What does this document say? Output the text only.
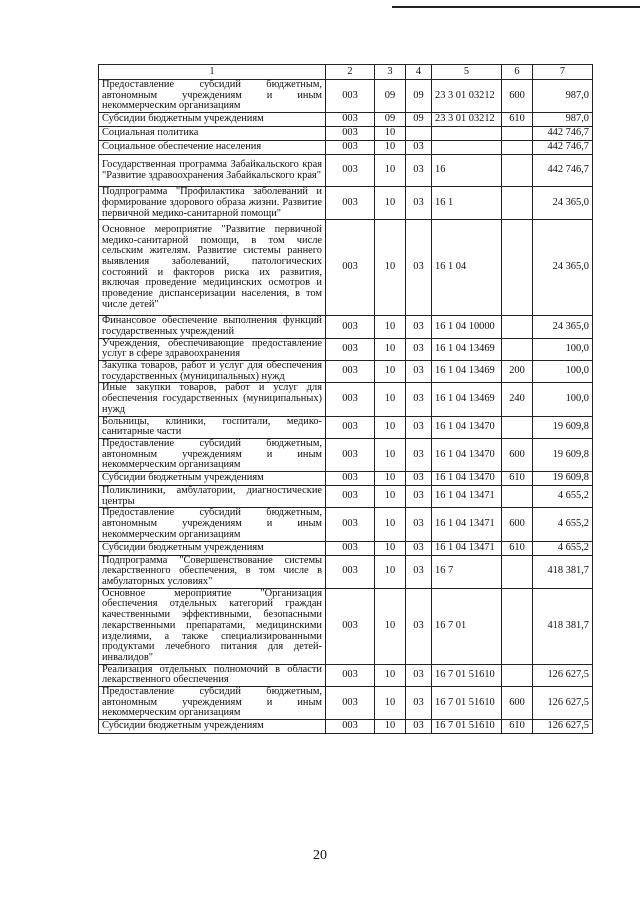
1	2	3	4	5	6	7
Предоставление субсидий бюджетным, автономным учреждениям и иным некоммерческим организациям	003	09	09	23 3 01 03212	600	987,0
Субсидии бюджетным учреждениям	003	09	09	23 3 01 03212	610	987,0
Социальная политика	003	10				442 746,7
Социальное обеспечение населения	003	10	03			442 746,7
Государственная программа Забайкальского края "Развитие здравоохранения Забайкальского края"	003	10	03	16		442 746,7
Подпрограмма "Профилактика заболеваний и формирование здорового образа жизни. Развитие первичной медико-санитарной помощи"	003	10	03	16 1		24 365,0
Основное мероприятие "Развитие первичной медико-санитарной помощи, в том числе сельским жителям. Развитие системы раннего выявления заболеваний, патологических состояний и факторов риска их развития, включая проведение медицинских осмотров и проведение диспансеризации населения, в том числе детей"	003	10	03	16 1 04		24 365,0
Финансовое обеспечение выполнения функций государственных учреждений	003	10	03	16 1 04 10000		24 365,0
Учреждения, обеспечивающие предоставление услуг в сфере здравоохранения	003	10	03	16 1 04 13469		100,0
Закупка товаров, работ и услуг для обеспечения государственных (муниципальных) нужд	003	10	03	16 1 04 13469	200	100,0
Иные закупки товаров, работ и услуг для обеспечения государственных (муниципальных) нужд	003	10	03	16 1 04 13469	240	100,0
Больницы, клиники, госпитали, медико-санитарные части	003	10	03	16 1 04 13470		19 609,8
Предоставление субсидий бюджетным, автономным учреждениям и иным некоммерческим организациям	003	10	03	16 1 04 13470	600	19 609,8
Субсидии бюджетным учреждениям	003	10	03	16 1 04 13470	610	19 609,8
Поликлиники, амбулатории, диагностические центры	003	10	03	16 1 04 13471		4 655,2
Предоставление субсидий бюджетным, автономным учреждениям и иным некоммерческим организациям	003	10	03	16 1 04 13471	600	4 655,2
Субсидии бюджетным учреждениям	003	10	03	16 1 04 13471	610	4 655,2
Подпрограмма "Совершенствование системы лекарственного обеспечения, в том числе в амбулаторных условиях"	003	10	03	16 7		418 381,7
Основное мероприятие "Организация обеспечения отдельных категорий граждан качественными эффективными, безопасными лекарственными препаратами, медицинскими изделиями, а также специализированными продуктами лечебного питания для детей-инвалидов"	003	10	03	16 7 01		418 381,7
Реализация отдельных полномочий в области лекарственного обеспечения	003	10	03	16 7 01 51610		126 627,5
Предоставление субсидий бюджетным, автономным учреждениям и иным некоммерческим организациям	003	10	03	16 7 01 51610	600	126 627,5
Субсидии бюджетным учреждениям	003	10	03	16 7 01 51610	610	126 627,5
20
